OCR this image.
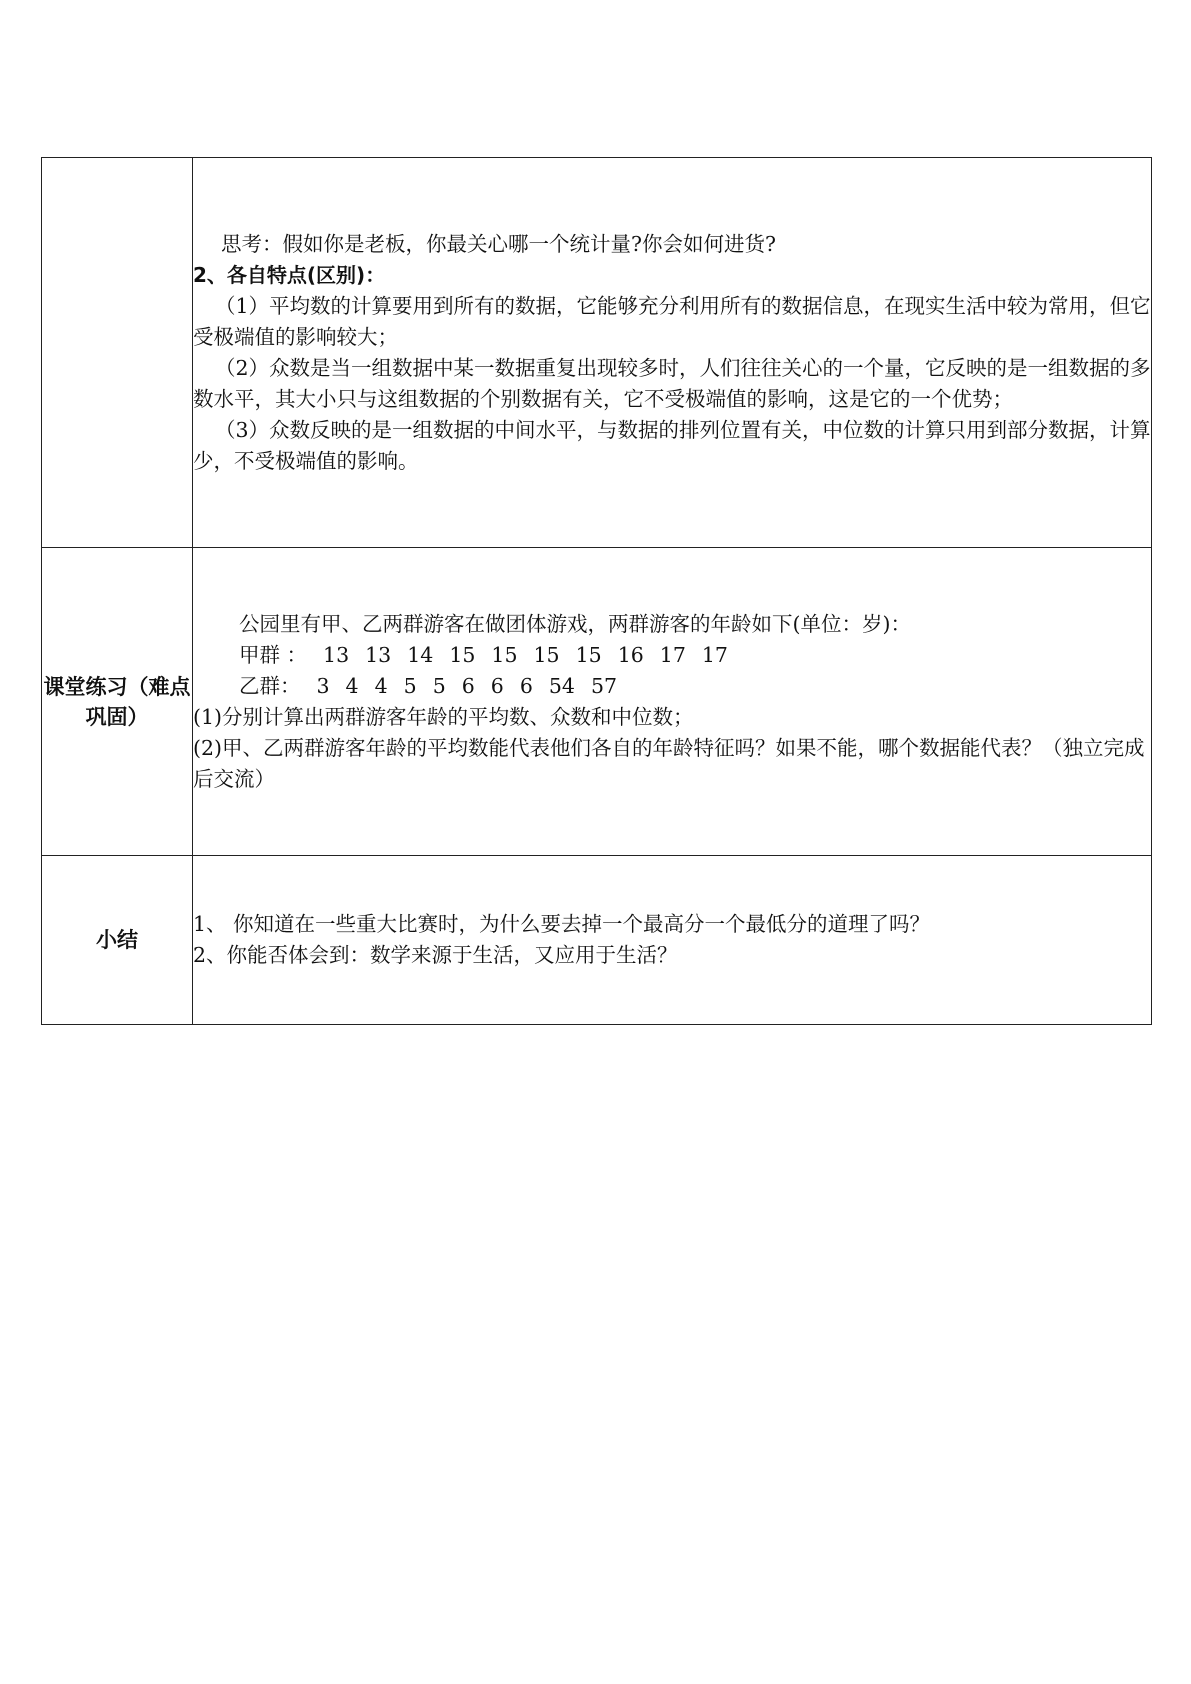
	思考：假如你是老板，你最关心哪一个统计量?你会如何进货?

2、各自特点(区别)：

（1）平均数的计算要用到所有的数据，它能够充分利用所有的数据信息，在现实生活中较为常用，但它受极端值的影响较大；

（2）众数是当一组数据中某一数据重复出现较多时，人们往往关心的一个量，它反映的是一组数据的多数水平，其大小只与这组数据的个别数据有关，它不受极端值的影响，这是它的一个优势；

（3）众数反映的是一组数据的中间水平，与数据的排列位置有关，中位数的计算只用到部分数据，计算少，不受极端值的影响。

课堂练习（难点巩固）	公园里有甲、乙两群游客在做团体游戏，两群游客的年龄如下(单位：岁)：

甲群 ： 13 13 14 15 15 15 15 16 17 17

乙群： 3 4 4 5 5 6 6 6 54 57

(1)分别计算出两群游客年龄的平均数、众数和中位数；

(2)甲、乙两群游客年龄的平均数能代表他们各自的年龄特征吗？如果不能，哪个数据能代表？（独立完成后交流）

小结	1、 你知道在一些重大比赛时，为什么要去掉一个最高分一个最低分的道理了吗？

2、你能否体会到：数学来源于生活，又应用于生活？
